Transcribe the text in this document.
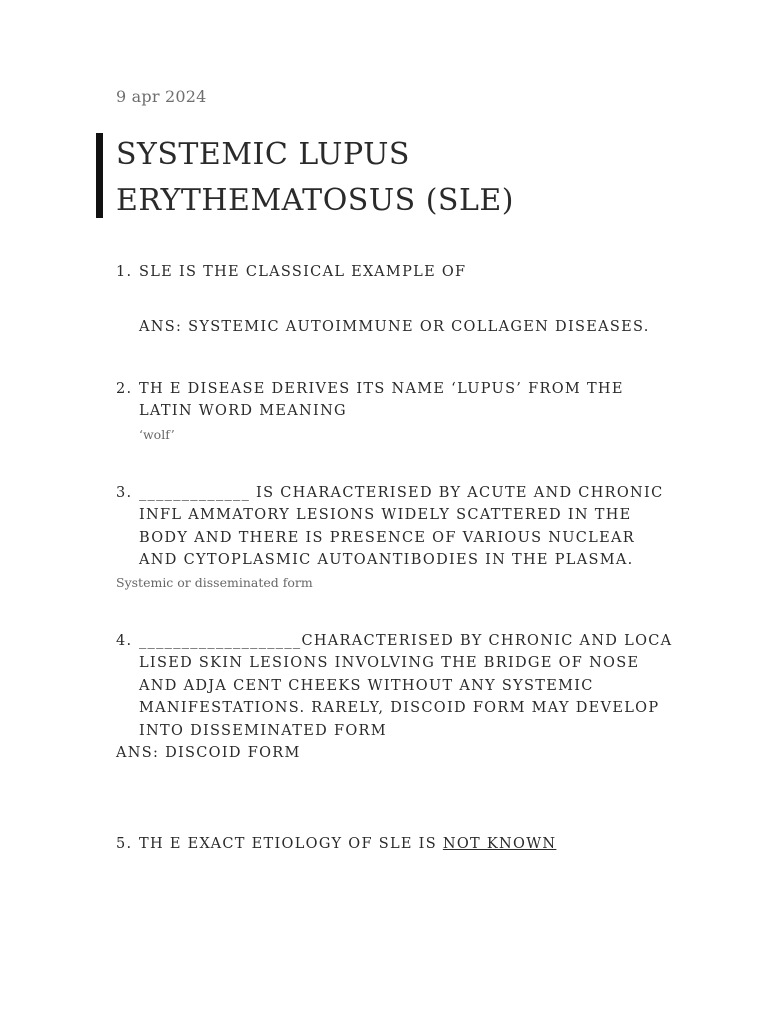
9 apr 2024
SYSTEMIC LUPUS
ERYTHEMATOSUS (SLE)
1. SLE IS THE CLASSICAL EXAMPLE OF
ANS: SYSTEMIC AUTOIMMUNE OR COLLAGEN DISEASES.
2. TH E DISEASE DERIVES ITS NAME ‘LUPUS’ FROM THE LATIN WORD MEANING
‘wolf’
3. _____________ IS CHARACTERISED BY ACUTE AND CHRONIC INFL AMMATORY LESIONS WIDELY SCATTERED IN THE BODY AND THERE IS PRESENCE OF VARIOUS NUCLEAR AND CYTOPLASMIC AUTOANTIBODIES IN THE PLASMA.
Systemic or disseminated form
4. ___________________CHARACTERISED BY CHRONIC AND LOCA LISED SKIN LESIONS INVOLVING THE BRIDGE OF NOSE AND ADJA CENT CHEEKS WITHOUT ANY SYSTEMIC MANIFESTATIONS. RARELY, DISCOID FORM MAY DEVELOP INTO DISSEMINATED FORM
ANS: DISCOID FORM
5. TH E EXACT ETIOLOGY OF SLE IS NOT KNOWN
